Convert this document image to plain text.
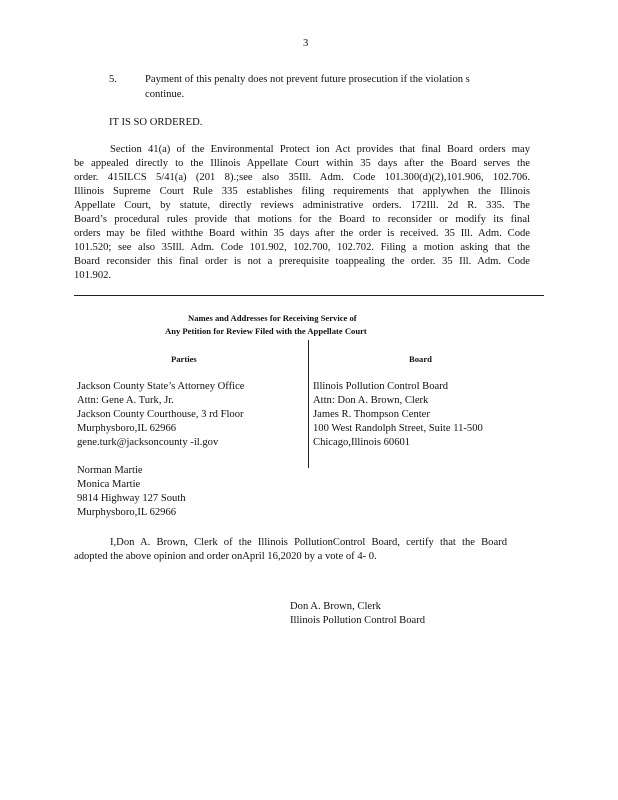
3
5.	Payment of this penalty does not prevent future prosecution if the violation s
continue.
IT IS SO ORDERED.
Section 41(a) of the Environmental Protect ion Act provides that final Board orders may
be appealed directly to the Illinois Appellate Court within 35 days after the Board serves the
order. 415ILCS 5/41(a) (201 8).;see also 35Ill. Adm. Code 101.300(d)(2),101.906, 102.706.
Illinois Supreme Court Rule 335 establishes filing requirements that applywhen the Illinois
Appellate Court, by statute, directly reviews administrative orders. 172Ill. 2d R. 335. The
Board’s procedural rules provide that motions for the Board to reconsider or modify its final
orders may be filed withthe Board within 35 days after the order is received. 35 Ill. Adm. Code
101.520; see also 35Ill. Adm. Code 101.902, 102.700, 102.702. Filing a motion asking that the
Board reconsider this final order is not a prerequisite toappealing the order. 35 Ill. Adm. Code
101.902.
Names and Addresses for Receiving Service of
Any Petition for Review Filed with the Appellate Court
Parties	Board
Jackson County State’s Attorney Office
Attn: Gene A. Turk, Jr.
Jackson County Courthouse, 3 rd Floor
Murphysboro,IL 62966
gene.turk@jacksoncounty -il.gov
Norman Martie
Monica Martie
9814 Highway 127 South
Murphysboro,IL 62966
Illinois Pollution Control Board
Attn: Don A. Brown, Clerk
James R. Thompson Center
100 West Randolph Street, Suite 11-500
Chicago,Illinois 60601
I,Don A. Brown, Clerk of the Illinois PollutionControl Board, certify that the Board
adopted the above opinion and order onApril 16,2020 by a vote of 4- 0.
Don A. Brown, Clerk
Illinois Pollution Control Board
